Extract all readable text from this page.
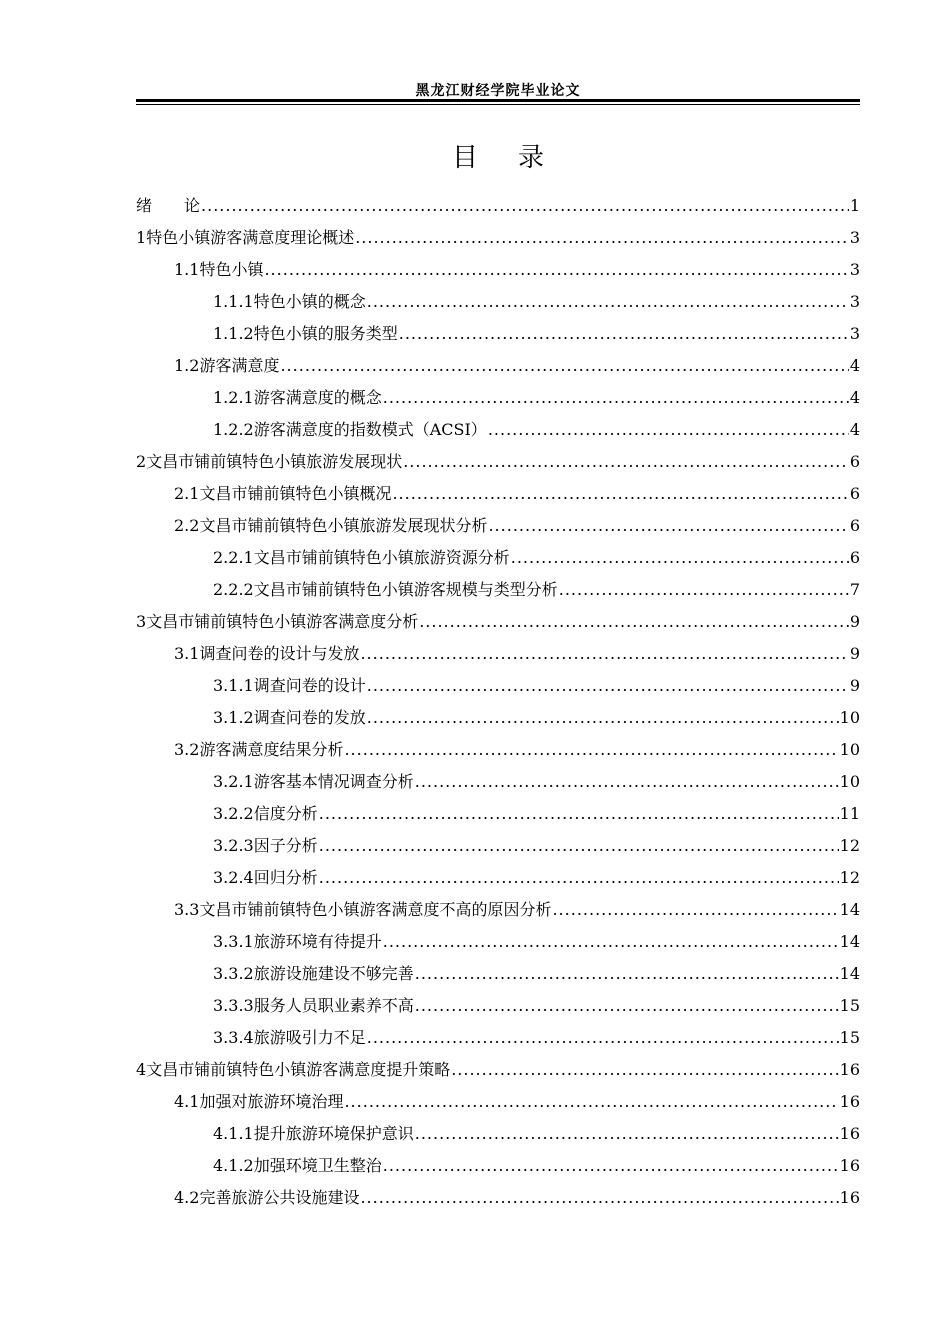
黑龙江财经学院毕业论文
目录
绪　　论 .....	1
1 特色小镇游客满意度理论概述 .....	3
1.1 特色小镇 .....	3
1.1.1 特色小镇的概念 .....	3
1.1.2 特色小镇的服务类型 .....	3
1.2 游客满意度 .....	4
1.2.1 游客满意度的概念 .....	4
1.2.2 游客满意度的指数模式（ACSI） .....	4
2 文昌市铺前镇特色小镇旅游发展现状 .....	6
2.1 文昌市铺前镇特色小镇概况 .....	6
2.2 文昌市铺前镇特色小镇旅游发展现状分析 .....	6
2.2.1 文昌市铺前镇特色小镇旅游资源分析 .....	6
2.2.2 文昌市铺前镇特色小镇游客规模与类型分析 .....	7
3 文昌市铺前镇特色小镇游客满意度分析 .....	9
3.1 调查问卷的设计与发放 .....	9
3.1.1 调查问卷的设计 .....	9
3.1.2 调查问卷的发放 .....	10
3.2 游客满意度结果分析 .....	10
3.2.1 游客基本情况调查分析 .....	10
3.2.2 信度分析 .....	11
3.2.3 因子分析 .....	12
3.2.4 回归分析 .....	12
3.3 文昌市铺前镇特色小镇游客满意度不高的原因分析 .....	14
3.3.1 旅游环境有待提升 .....	14
3.3.2 旅游设施建设不够完善 .....	14
3.3.3 服务人员职业素养不高 .....	15
3.3.4 旅游吸引力不足 .....	15
4 文昌市铺前镇特色小镇游客满意度提升策略 .....	16
4.1 加强对旅游环境治理 .....	16
4.1.1 提升旅游环境保护意识 .....	16
4.1.2 加强环境卫生整治 .....	16
4.2 完善旅游公共设施建设 .....	16
